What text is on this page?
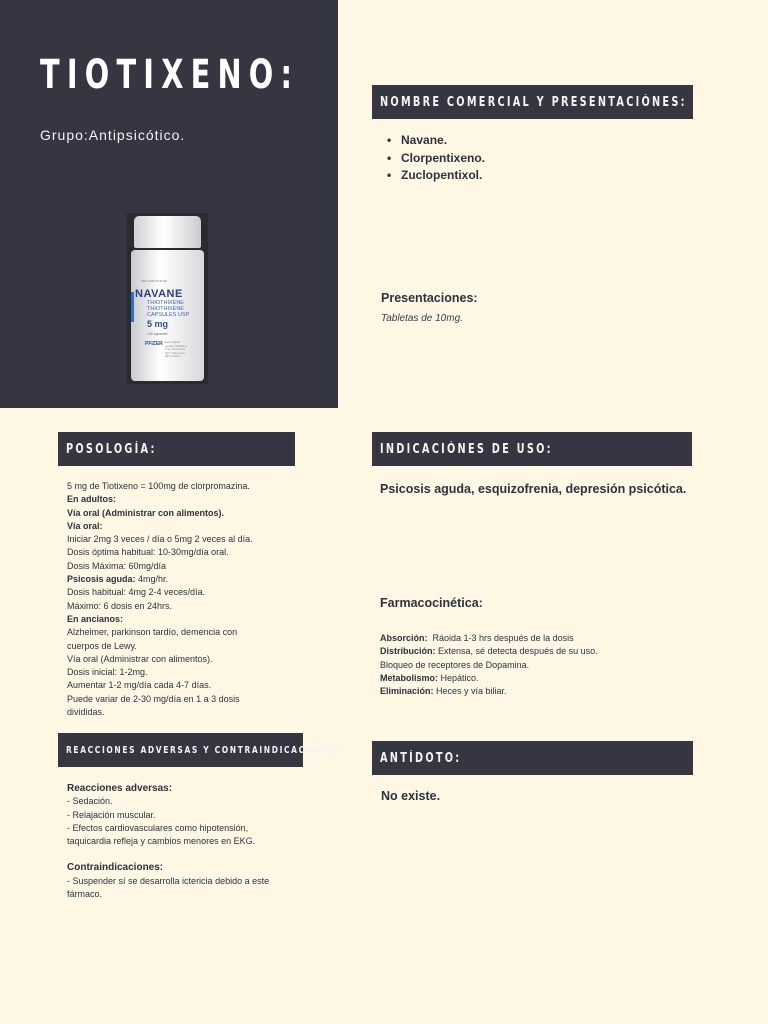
TIOTIXENO:
Grupo:Antipsicótico.
NDC 0049-5730-66
NAVANE
THIOTHIXENE
THIOTHIXENE
CAPSULES USP
5 mg
100 capsules
PFIZER Each capsule contains thiothixene 5 mg. Store below 30°C. Dispense in tight container.
NOMBRE COMERCIAL Y PRESENTACIÓNES:
• Navane.
• Clorpentixeno.
• Zuclopentixol.
Presentaciones:
Tabletas de 10mg.
POSOLOGÍA:

5 mg de Tiotixeno = 100mg de clorpromazina.

En adultos:

Vía oral (Administrar con alimentos).

Vía oral:

Iniciar 2mg 3 veces / día o 5mg 2 veces al día.

Dosis óptima habitual: 10-30mg/día oral.

Dosis Máxima: 60mg/día

Psicosis aguda: 4mg/hr.

Dosis habitual: 4mg 2-4 veces/día.

Máximo: 6 dosis en 24hrs.

En ancianos:

Alzheimer, parkinson tardío, demencia con

cuerpos de Lewy.

Vía oral (Administrar con alimentos).

Dosis inicial: 1-2mg.

Aumentar 1-2 mg/día cada 4-7 días.

Puede variar de 2-30 mg/día en 1 a 3 dosis

divididas.

INDICACIÓNES DE USO:
Psicosis aguda, esquizofrenia, depresión psicótica.
Farmacocinética:

Absorción:  Ráoida 1-3 hrs después de la dosis

Distribución: Extensa, sé detecta después de su uso.

Bloqueo de receptores de Dopamina.

Metabolismo: Hepático.

Eliminación: Heces y vía biliar.

REACCIONES ADVERSAS Y CONTRAINDICACIONES:

Reacciones adversas:

- Sedación.

- Relajación muscular.

- Efectos cardiovasculares como hipotensión,

taquicardia refleja y cambios menores en EKG.

Contraindicaciones:

- Suspender sí se desarrolla ictericia debido a este

fármaco.

ANTÍDOTO:
No existe.
